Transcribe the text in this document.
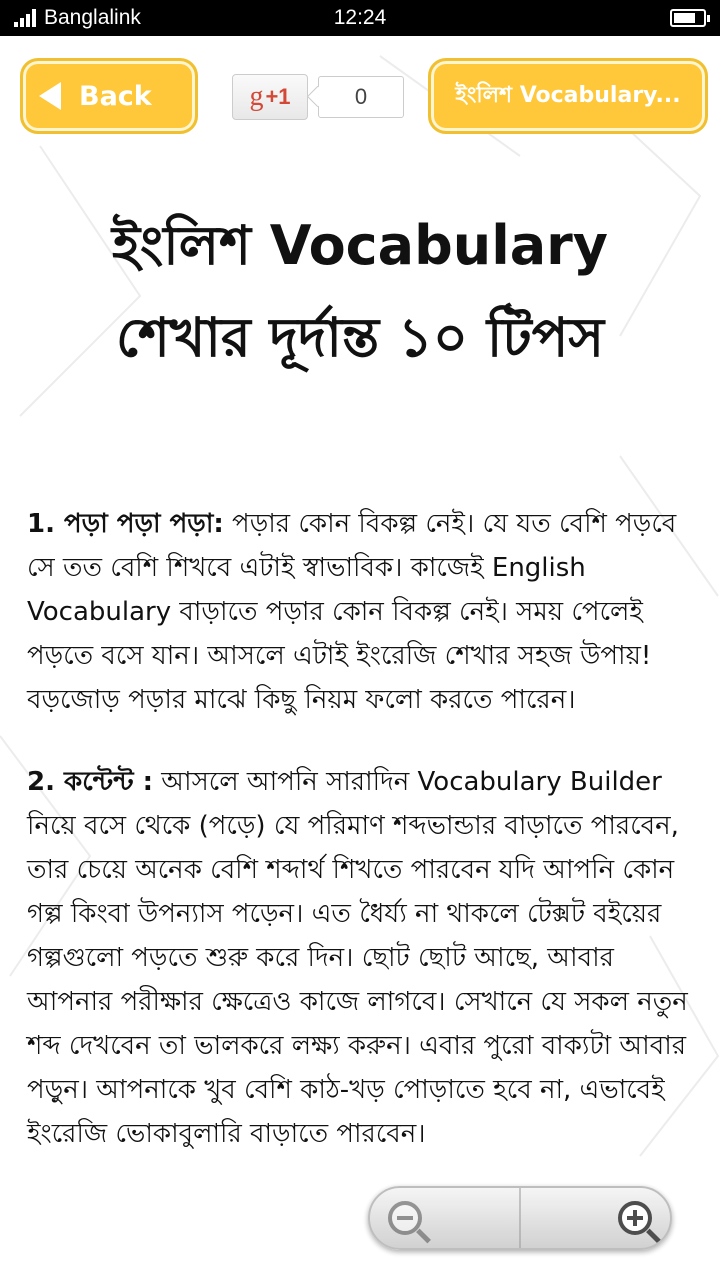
Banglalink	12:24
Back	g +1	0	ইংলিশ Vocabulary...
ইংলিশ Vocabulary
শেখার দূর্দান্ত ১০ টিপস

1. পড়া পড়া পড়া: পড়ার কোন বিকল্প নেই। যে যত বেশি পড়বে সে তত বেশি শিখবে এটাই স্বাভাবিক। কাজেই English Vocabulary বাড়াতে পড়ার কোন বিকল্প নেই। সময় পেলেই পড়তে বসে যান। আসলে এটাই ইংরেজি শেখার সহজ উপায়! বড়জোড় পড়ার মাঝে কিছু নিয়ম ফলো করতে পারেন।

2. কন্টেন্ট : আসলে আপনি সারাদিন Vocabulary Builder নিয়ে বসে থেকে (পড়ে) যে পরিমাণ শব্দভান্ডার বাড়াতে পারবেন, তার চেয়ে অনেক বেশি শব্দার্থ শিখতে পারবেন যদি আপনি কোন গল্প কিংবা উপন্যাস পড়েন। এত ধৈর্য্য না থাকলে টেক্সট বইয়ের গল্পগুলো পড়তে শুরু করে দিন। ছোট ছোট আছে, আবার আপনার পরীক্ষার ক্ষেত্রেও কাজে লাগবে। সেখানে যে সকল নতুন শব্দ দেখবেন তা ভালকরে লক্ষ্য করুন। এবার পুরো বাক্যটা আবার পড়ুন। আপনাকে খুব বেশি কাঠ-খড় পোড়াতে হবে না, এভাবেই ইংরেজি ভোকাবুলারি বাড়াতে পারবেন।
